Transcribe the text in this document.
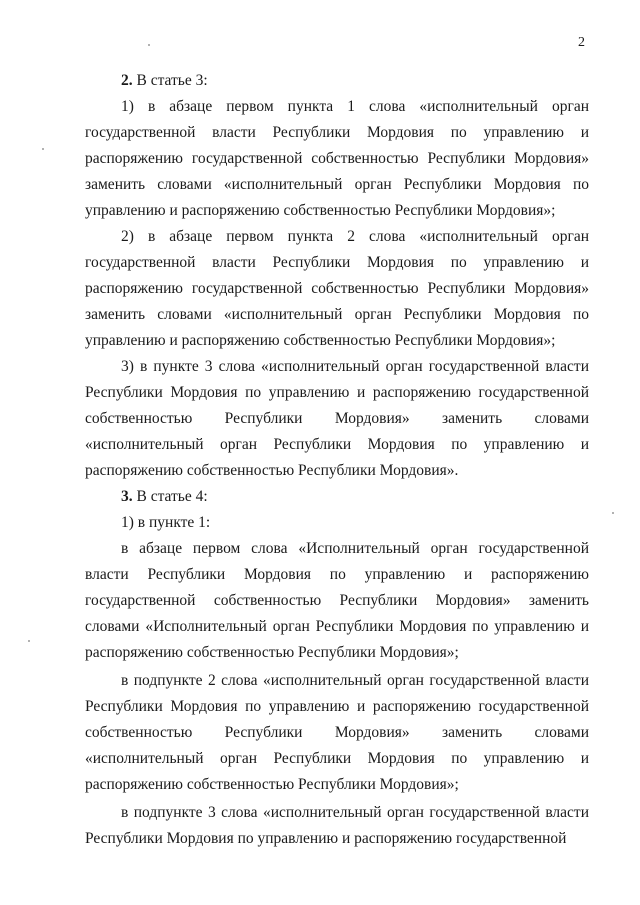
2

2. В статье 3:

1) в абзаце первом пункта 1 слова «исполнительный орган государственной власти Республики Мордовия по управлению и распоряжению государственной собственностью Республики Мордовия» заменить словами «исполнительный орган Республики Мордовия по управлению и распоряжению собственностью Республики Мордовия»;

2) в абзаце первом пункта 2 слова «исполнительный орган государственной власти Республики Мордовия по управлению и распоряжению государственной собственностью Республики Мордовия» заменить словами «исполнительный орган Республики Мордовия по управлению и распоряжению собственностью Республики Мордовия»;

3) в пункте 3 слова «исполнительный орган государственной власти Республики Мордовия по управлению и распоряжению государственной собственностью Республики Мордовия» заменить словами «исполнительный орган Республики Мордовия по управлению и распоряжению собственностью Республики Мордовия».

3. В статье 4:

1) в пункте 1:

в абзаце первом слова «Исполнительный орган государственной власти Республики Мордовия по управлению и распоряжению государственной собственностью Республики Мордовия» заменить словами «Исполнительный орган Республики Мордовия по управлению и распоряжению собственностью Республики Мордовия»;

в подпункте 2 слова «исполнительный орган государственной власти Республики Мордовия по управлению и распоряжению государственной собственностью Республики Мордовия» заменить словами «исполнительный орган Республики Мордовия по управлению и распоряжению собственностью Республики Мордовия»;

в подпункте 3 слова «исполнительный орган государственной власти Республики Мордовия по управлению и распоряжению государственной
